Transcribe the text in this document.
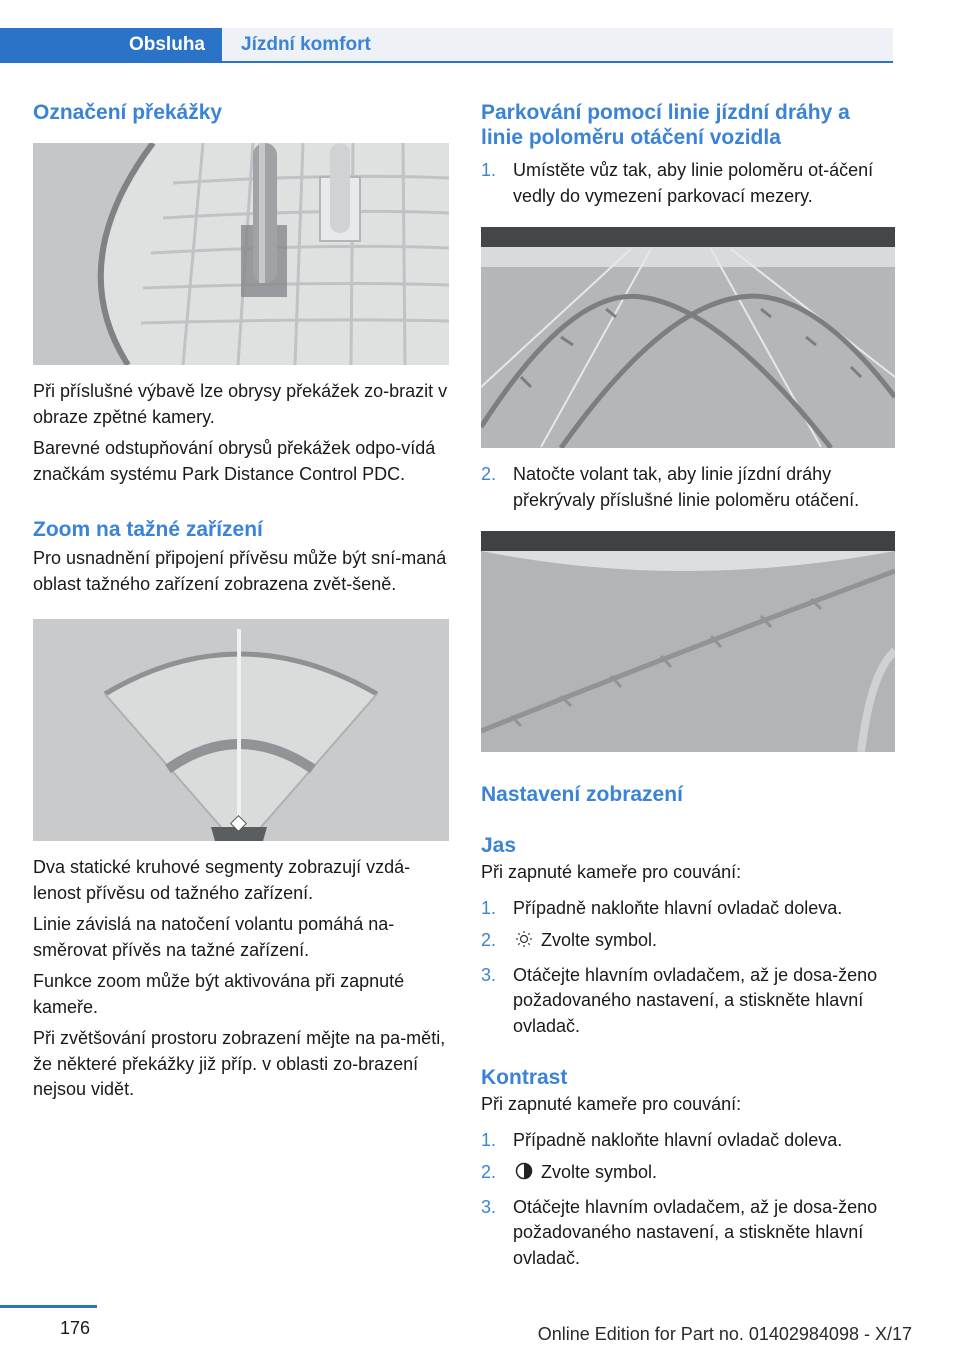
Obsluha	Jízdní komfort
Označení překážky

Při příslušné výbavě lze obrysy překážek zo-brazit v obraze zpětné kamery.

Barevné odstupňování obrysů překážek odpo-vídá značkám systému Park Distance Control PDC.

Zoom na tažné zařízení

Pro usnadnění připojení přívěsu může být sní-maná oblast tažného zařízení zobrazena zvět-šeně.

Dva statické kruhové segmenty zobrazují vzdá-lenost přívěsu od tažného zařízení.

Linie závislá na natočení volantu pomáhá na-směrovat přívěs na tažné zařízení.

Funkce zoom může být aktivována při zapnuté kameře.

Při zvětšování prostoru zobrazení mějte na pa-měti, že některé překážky již příp. v oblasti zo-brazení nejsou vidět.

Parkování pomocí linie jízdní dráhy a linie poloměru otáčení vozidla
1. Umístěte vůz tak, aby linie poloměru ot-áčení vedly do vymezení parkovací mezery.
2. Natočte volant tak, aby linie jízdní dráhy překrývaly příslušné linie poloměru otáčení.
Nastavení zobrazení
Jas

Při zapnuté kameře pro couvání:

1. Případně nakloňte hlavní ovladač doleva.
2. Zvolte symbol.
3. Otáčejte hlavním ovladačem, až je dosa-ženo požadovaného nastavení, a stiskněte hlavní ovladač.
Kontrast

Při zapnuté kameře pro couvání:

1. Případně nakloňte hlavní ovladač doleva.
2. Zvolte symbol.
3. Otáčejte hlavním ovladačem, až je dosa-ženo požadovaného nastavení, a stiskněte hlavní ovladač.
176	Online Edition for Part no. 01402984098 - X/17
